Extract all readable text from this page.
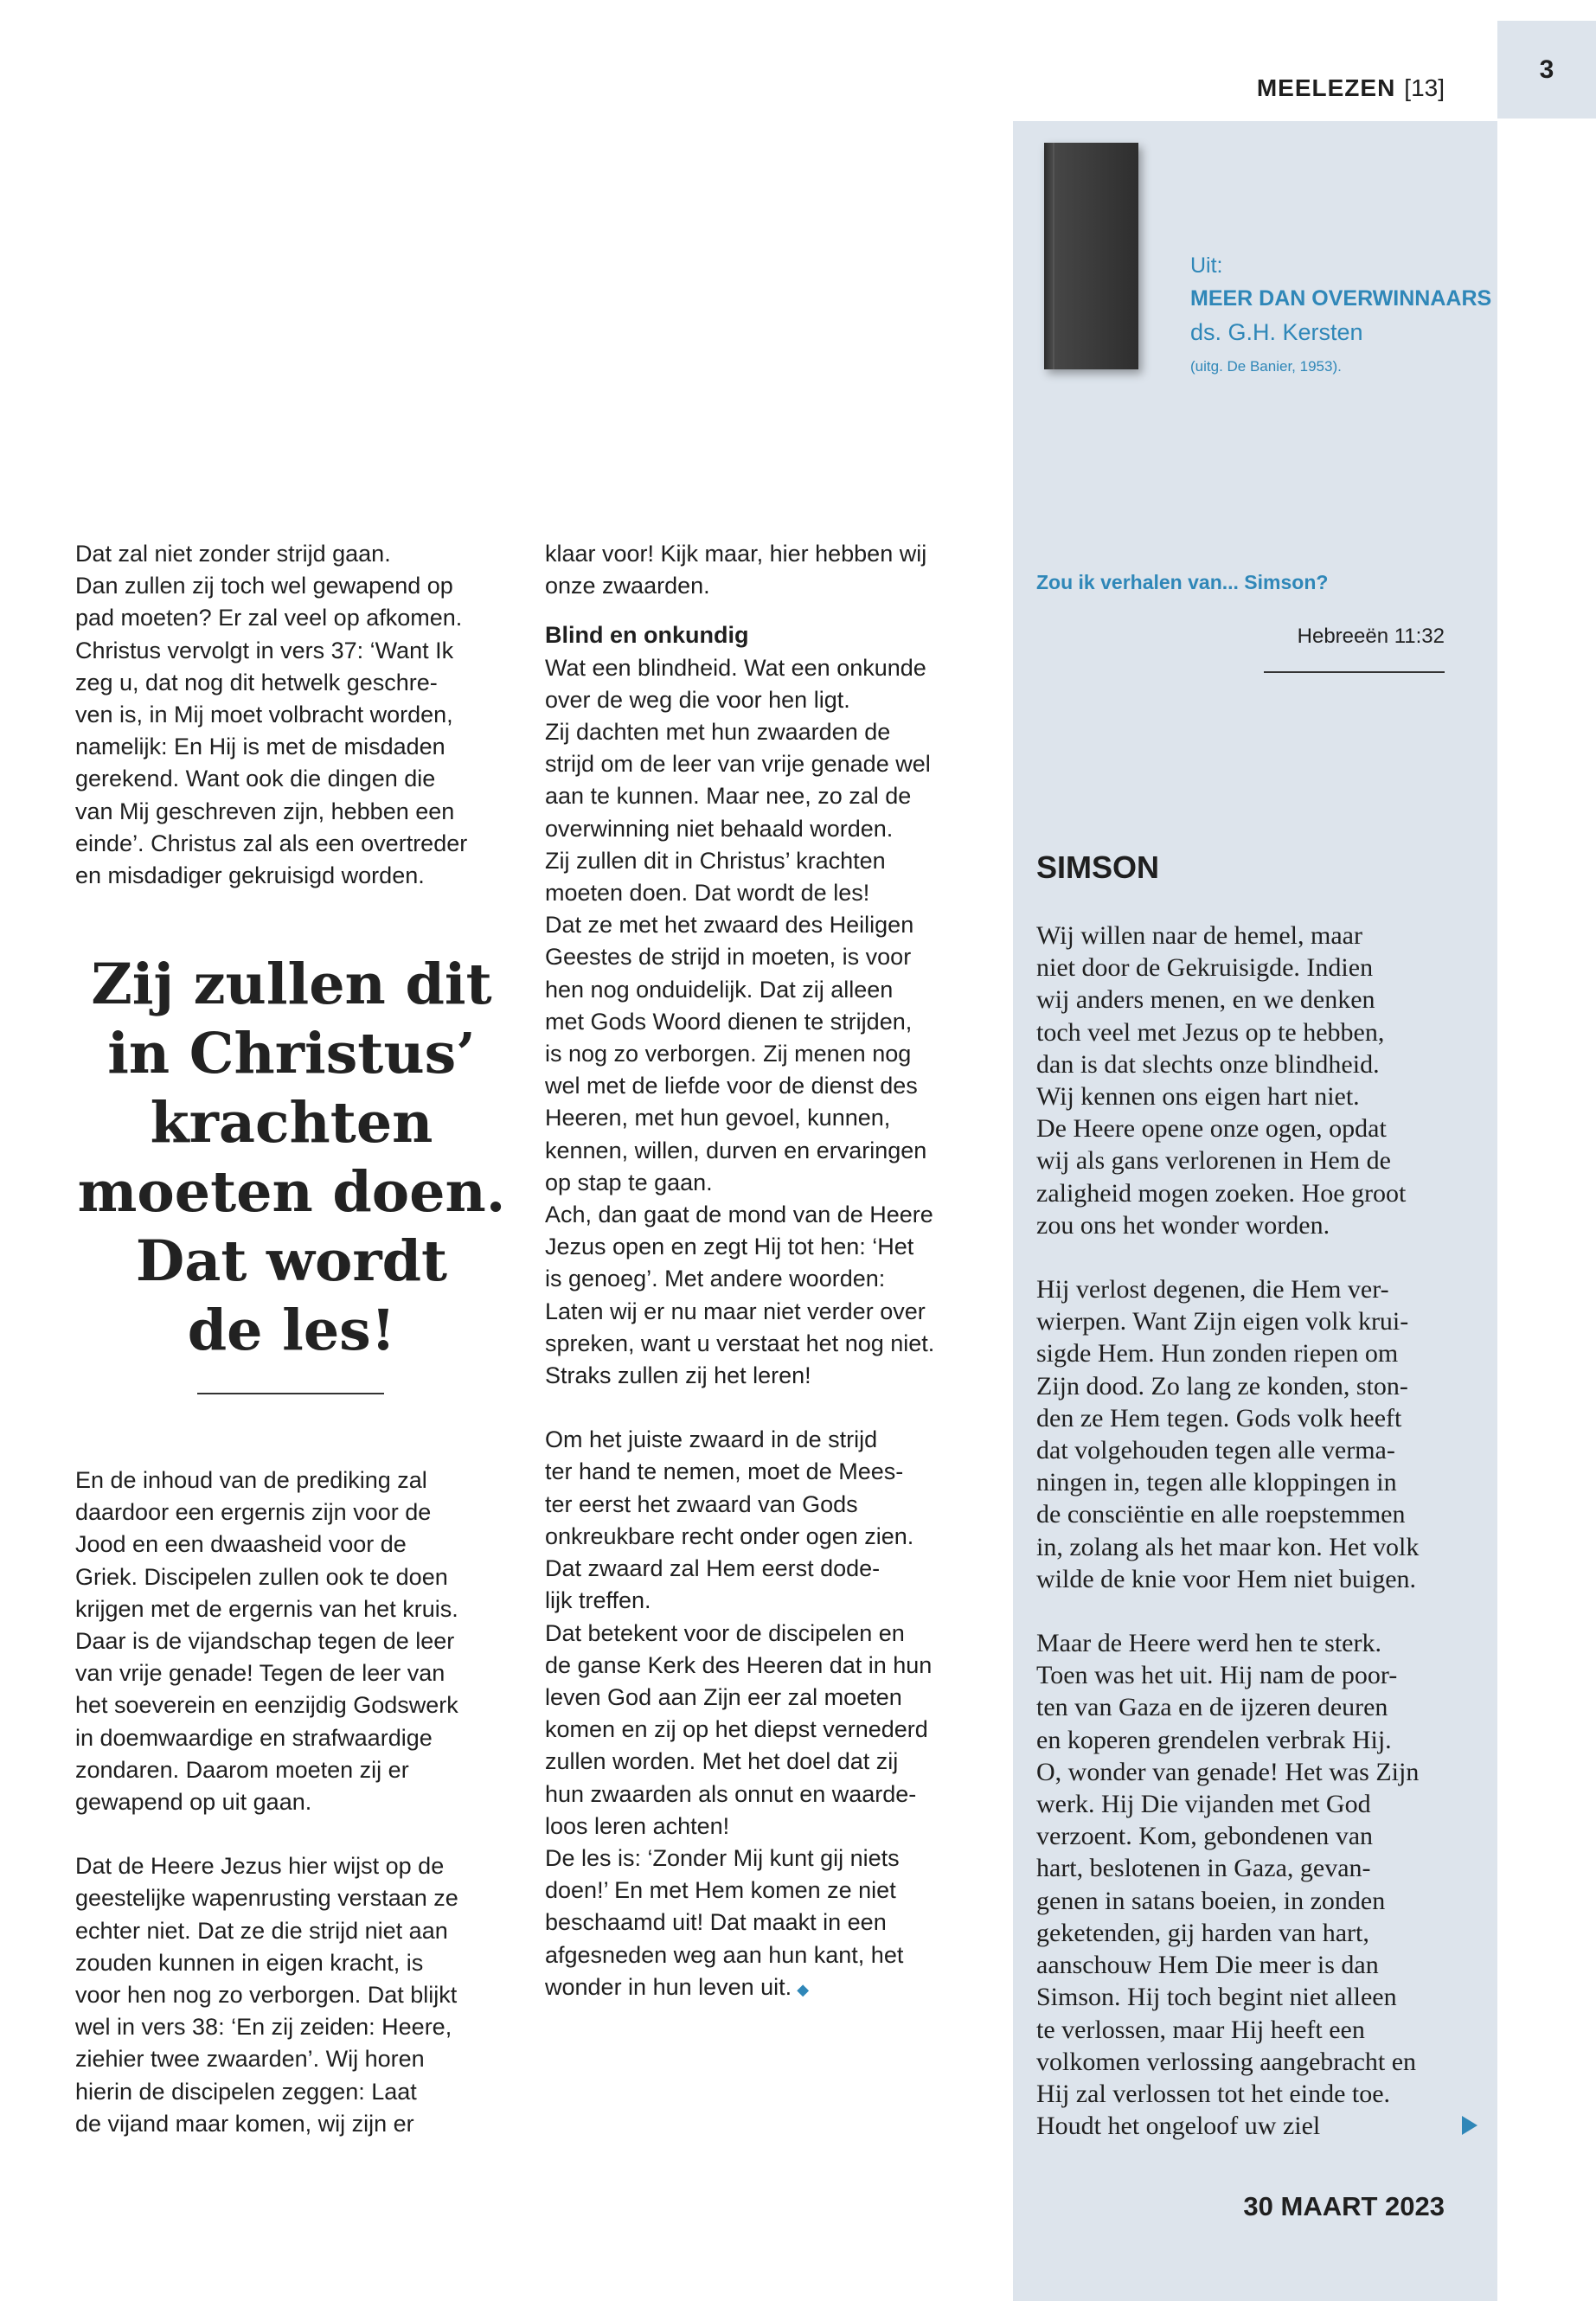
3
MEELEZEN [13]
Uit:
MEER DAN OVERWINNAARS
ds. G.H. Kersten
(uitg. De Banier, 1953).

Dat zal niet zonder strijd gaan.
Dan zullen zij toch wel gewapend op
pad moeten? Er zal veel op afkomen.
Christus vervolgt in vers 37: ‘Want Ik
zeg u, dat nog dit hetwelk geschre-
ven is, in Mij moet volbracht worden,
namelijk: En Hij is met de misdaden
gerekend. Want ook die dingen die
van Mij geschreven zijn, hebben een
einde’. Christus zal als een overtreder
en misdadiger gekruisigd worden.

Zij zullen dit
in Christus’
krachten
moeten doen.
Dat wordt
de les!

En de inhoud van de prediking zal
daardoor een ergernis zijn voor de
Jood en een dwaasheid voor de
Griek. Discipelen zullen ook te doen
krijgen met de ergernis van het kruis.
Daar is de vijandschap tegen de leer
van vrije genade! Tegen de leer van
het soeverein en eenzijdig Godswerk
in doemwaardige en strafwaardige
zondaren. Daarom moeten zij er
gewapend op uit gaan.

Dat de Heere Jezus hier wijst op de
geestelijke wapenrusting verstaan ze
echter niet. Dat ze die strijd niet aan
zouden kunnen in eigen kracht, is
voor hen nog zo verborgen. Dat blijkt
wel in vers 38: ‘En zij zeiden: Heere,
ziehier twee zwaarden’. Wij horen
hierin de discipelen zeggen: Laat
de vijand maar komen, wij zijn er

klaar voor! Kijk maar, hier hebben wij
onze zwaarden.

Blind en onkundig

Wat een blindheid. Wat een onkunde
over de weg die voor hen ligt.
Zij dachten met hun zwaarden de
strijd om de leer van vrije genade wel
aan te kunnen. Maar nee, zo zal de
overwinning niet behaald worden.
Zij zullen dit in Christus’ krachten
moeten doen. Dat wordt de les!
Dat ze met het zwaard des Heiligen
Geestes de strijd in moeten, is voor
hen nog onduidelijk. Dat zij alleen
met Gods Woord dienen te strijden,
is nog zo verborgen. Zij menen nog
wel met de liefde voor de dienst des
Heeren, met hun gevoel, kunnen,
kennen, willen, durven en ervaringen
op stap te gaan.
Ach, dan gaat de mond van de Heere
Jezus open en zegt Hij tot hen: ‘Het
is genoeg’. Met andere woorden:
Laten wij er nu maar niet verder over
spreken, want u verstaat het nog niet.
Straks zullen zij het leren!

Om het juiste zwaard in de strijd
ter hand te nemen, moet de Mees-
ter eerst het zwaard van Gods
onkreukbare recht onder ogen zien.
Dat zwaard zal Hem eerst dode-
lijk treffen.
Dat betekent voor de discipelen en
de ganse Kerk des Heeren dat in hun
leven God aan Zijn eer zal moeten
komen en zij op het diepst vernederd
zullen worden. Met het doel dat zij
hun zwaarden als onnut en waarde-
loos leren achten!
De les is: ‘Zonder Mij kunt gij niets
doen!’ En met Hem komen ze niet
beschaamd uit! Dat maakt in een
afgesneden weg aan hun kant, het
wonder in hun leven uit. ◆
Zou ik verhalen van... Simson?
Hebreeën 11:32
SIMSON

Wij willen naar de hemel, maar
niet door de Gekruisigde. Indien
wij anders menen, en we denken
toch veel met Jezus op te hebben,
dan is dat slechts onze blindheid.
Wij kennen ons eigen hart niet.
De Heere opene onze ogen, opdat
wij als gans verlorenen in Hem de
zaligheid mogen zoeken. Hoe groot
zou ons het wonder worden.

Hij verlost degenen, die Hem ver-
wierpen. Want Zijn eigen volk krui-
sigde Hem. Hun zonden riepen om
Zijn dood. Zo lang ze konden, ston-
den ze Hem tegen. Gods volk heeft
dat volgehouden tegen alle verma-
ningen in, tegen alle kloppingen in
de consciëntie en alle roepstemmen
in, zolang als het maar kon. Het volk
wilde de knie voor Hem niet buigen.

Maar de Heere werd hen te sterk.
Toen was het uit. Hij nam de poor-
ten van Gaza en de ijzeren deuren
en koperen grendelen verbrak Hij.
O, wonder van genade! Het was Zijn
werk. Hij Die vijanden met God
verzoent. Kom, gebondenen van
hart, beslotenen in Gaza, gevan-
genen in satans boeien, in zonden
geketenden, gij harden van hart,
aanschouw Hem Die meer is dan
Simson. Hij toch begint niet alleen
te verlossen, maar Hij heeft een
volkomen verlossing aangebracht en
Hij zal verlossen tot het einde toe.
Houdt het ongeloof uw ziel

30 MAART 2023
